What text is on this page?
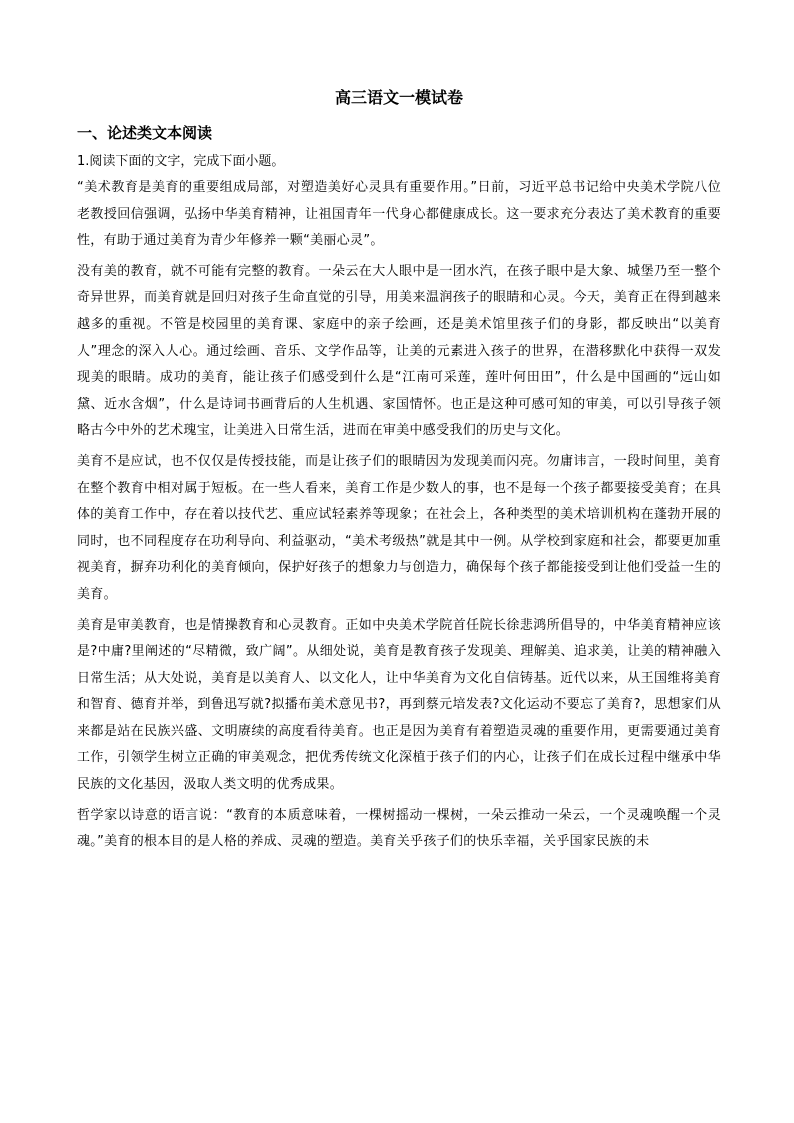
高三语文一模试卷
一、论述类文本阅读

1.阅读下面的文字，完成下面小题。

“美术教育是美育的重要组成局部，对塑造美好心灵具有重要作用。”日前，习近平总书记给中央美术学院八位老教授回信强调，弘扬中华美育精神，让祖国青年一代身心都健康成长。这一要求充分表达了美术教育的重要性，有助于通过美育为青少年修养一颗“美丽心灵”。

没有美的教育，就不可能有完整的教育。一朵云在大人眼中是一团水汽，在孩子眼中是大象、城堡乃至一整个奇异世界，而美育就是回归对孩子生命直觉的引导，用美来温润孩子的眼睛和心灵。今天，美育正在得到越来越多的重视。不管是校园里的美育课、家庭中的亲子绘画，还是美术馆里孩子们的身影，都反映出“以美育人”理念的深入人心。通过绘画、音乐、文学作品等，让美的元素进入孩子的世界，在潜移默化中获得一双发现美的眼睛。成功的美育，能让孩子们感受到什么是“江南可采莲，莲叶何田田”，什么是中国画的“远山如黛、近水含烟”，什么是诗词书画背后的人生机遇、家国情怀。也正是这种可感可知的审美，可以引导孩子领略古今中外的艺术瑰宝，让美进入日常生活，进而在审美中感受我们的历史与文化。

美育不是应试，也不仅仅是传授技能，而是让孩子们的眼睛因为发现美而闪亮。勿庸讳言，一段时间里，美育在整个教育中相对属于短板。在一些人看来，美育工作是少数人的事，也不是每一个孩子都要接受美育；在具体的美育工作中，存在着以技代艺、重应试轻素养等现象；在社会上，各种类型的美术培训机构在蓬勃开展的同时，也不同程度存在功利导向、利益驱动，“美术考级热”就是其中一例。从学校到家庭和社会，都要更加重视美育，摒弃功利化的美育倾向，保护好孩子的想象力与创造力，确保每个孩子都能接受到让他们受益一生的美育。

美育是审美教育，也是情操教育和心灵教育。正如中央美术学院首任院长徐悲鸿所倡导的，中华美育精神应该是?中庸?里阐述的“尽精微，致广阔”。从细处说，美育是教育孩子发现美、理解美、追求美，让美的精神融入日常生活；从大处说，美育是以美育人、以文化人，让中华美育为文化自信铸基。近代以来，从王国维将美育和智育、德育并举，到鲁迅写就?拟播布美术意见书?，再到蔡元培发表?文化运动不要忘了美育?，思想家们从来都是站在民族兴盛、文明赓续的高度看待美育。也正是因为美育有着塑造灵魂的重要作用，更需要通过美育工作，引领学生树立正确的审美观念，把优秀传统文化深植于孩子们的内心，让孩子们在成长过程中继承中华民族的文化基因，汲取人类文明的优秀成果。

哲学家以诗意的语言说：“教育的本质意味着，一棵树摇动一棵树，一朵云推动一朵云，一个灵魂唤醒一个灵魂。”美育的根本目的是人格的养成、灵魂的塑造。美育关乎孩子们的快乐幸福，关乎国家民族的未
